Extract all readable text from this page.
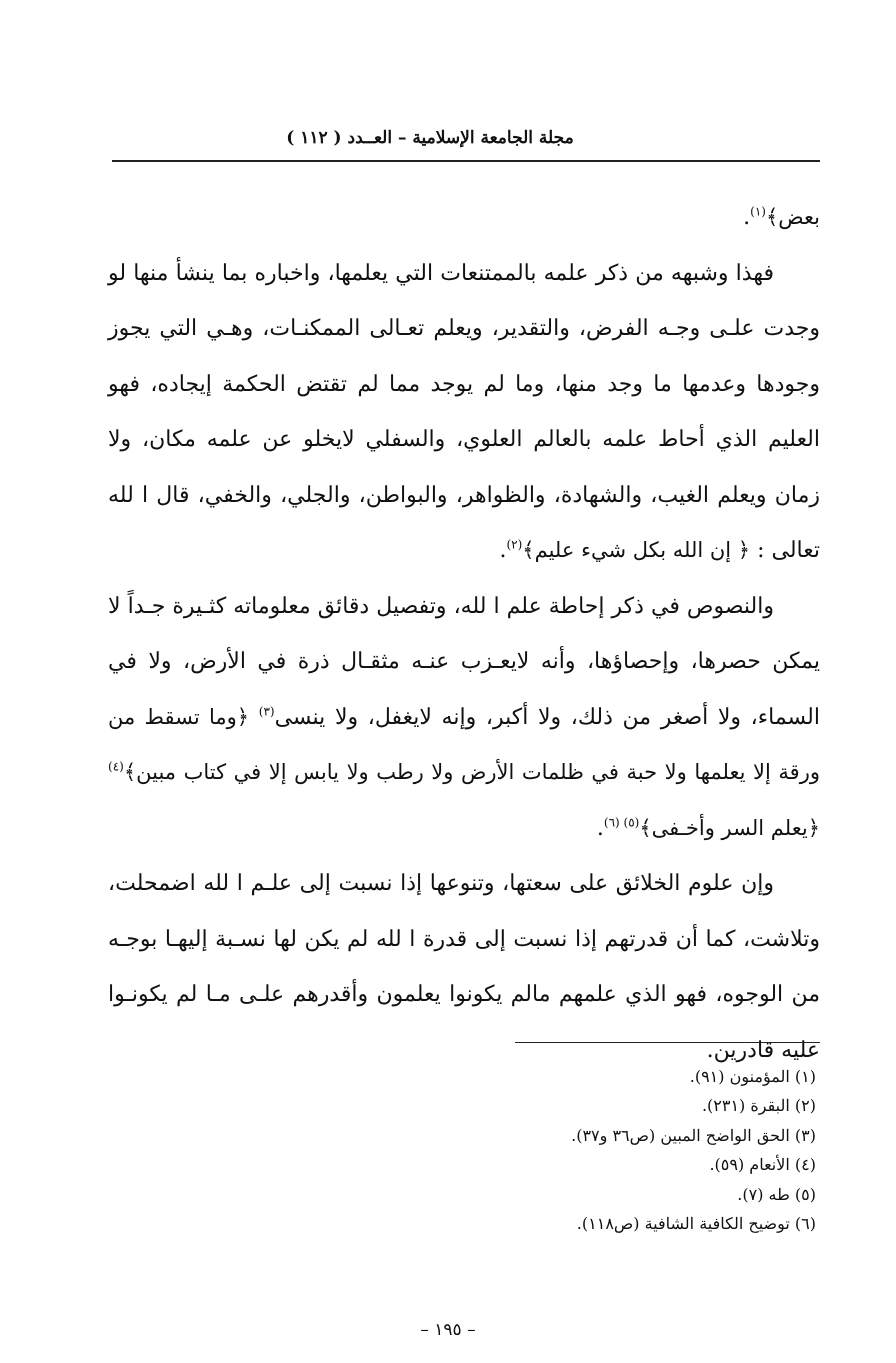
مجلة الجامعة الإسلامية – العــدد ( ١١٢ )

بعض﴾$^{(١)}$.

فهذا وشبهه من ذكر علمه بالممتنعات التي يعلمها، واخباره بما ينشأ منها لو وجدت علـى وجـه الفرض، والتقدير، ويعلم تعـالى الممكنـات، وهـي التي يجوز وجودها وعدمها ما وجد منها، وما لم يوجد مما لم تقتض الحكمة إيجاده، فهو العليم الذي أحاط علمه بالعالم العلوي، والسفلي لايخلو عن علمه مكان، ولا زمان ويعلم الغيب، والشهادة، والظواهر، والبواطن، والجلي، والخفي، قال ا لله تعالى : ﴿ إن الله بكل شيء عليم﴾$^{(٢)}$.

والنصوص في ذكر إحاطة علم ا لله، وتفصيل دقائق معلوماته كثـيرة جـداً لا يمكن حصرها، وإحصاؤها، وأنه لايعـزب عنـه مثقـال ذرة في الأرض، ولا في السماء، ولا أصغر من ذلك، ولا أكبر، وإنه لايغفل، ولا ينسى$^{(٣)}$ ﴿وما تسقط من ورقة إلا يعلمها ولا حبة في ظلمات الأرض ولا رطب ولا يابس إلا في كتاب مبين﴾$^{(٤)}$ ﴿يعلم السر وأخـفى﴾$^{(٥) (٦)}$.

وإن علوم الخلائق على سعتها، وتنوعها إذا نسبت إلى علـم ا لله اضمحلت، وتلاشت، كما أن قدرتهم إذا نسبت إلى قدرة ا لله لم يكن لها نسـبة إليهـا بوجـه من الوجوه، فهو الذي علمهم مالم يكونوا يعلمون وأقدرهم علـى مـا لم يكونـوا عليه قادرين.

(١) المؤمنون (٩١).
(٢) البقرة (٢٣١).
(٣) الحق الواضح المبين (ص٣٦ و٣٧).
(٤) الأنعام (٥٩).
(٥) طه (٧).
(٦) توضيح الكافية الشافية (ص١١٨).
– ١٩٥ –
